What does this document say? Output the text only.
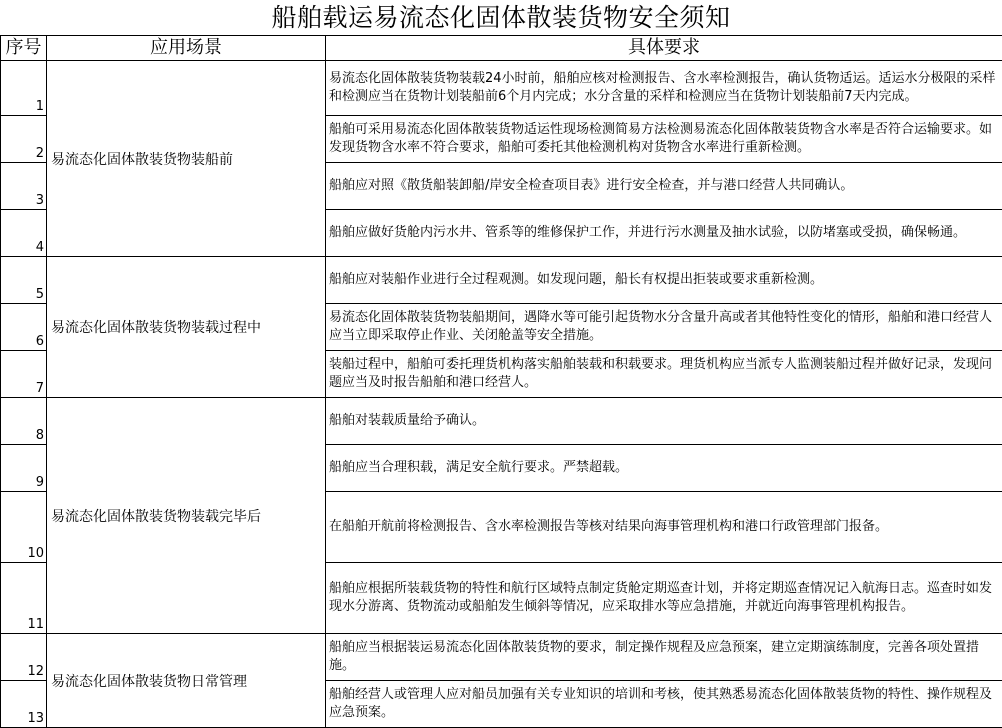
船舶载运易流态化固体散装货物安全须知
序号	应用场景	具体要求
1	易流态化固体散装货物装船前	易流态化固体散装货物装载24小时前，船舶应核对检测报告、含水率检测报告，确认货物适运。适运水分极限的采样和检测应当在货物计划装船前6个月内完成；水分含量的采样和检测应当在货物计划装船前7天内完成。
2		船舶可采用易流态化固体散装货物适运性现场检测简易方法检测易流态化固体散装货物含水率是否符合运输要求。如发现货物含水率不符合要求，船舶可委托其他检测机构对货物含水率进行重新检测。
3		船舶应对照《散货船装卸船/岸安全检查项目表》进行安全检查，并与港口经营人共同确认。
4		船舶应做好货舱内污水井、管系等的维修保护工作，并进行污水测量及抽水试验，以防堵塞或受损，确保畅通。
5	易流态化固体散装货物装载过程中	船舶应对装船作业进行全过程观测。如发现问题，船长有权提出拒装或要求重新检测。
6		易流态化固体散装货物装船期间，遇降水等可能引起货物水分含量升高或者其他特性变化的情形，船舶和港口经营人应当立即采取停止作业、关闭舱盖等安全措施。
7		装船过程中，船舶可委托理货机构落实船舶装载和积载要求。理货机构应当派专人监测装船过程并做好记录，发现问题应当及时报告船舶和港口经营人。
8	易流态化固体散装货物装载完毕后	船舶对装载质量给予确认。
9		船舶应当合理积载，满足安全航行要求。严禁超载。
10		在船舶开航前将检测报告、含水率检测报告等核对结果向海事管理机构和港口行政管理部门报备。
11		船舶应根据所装载货物的特性和航行区域特点制定货舱定期巡查计划，并将定期巡查情况记入航海日志。巡查时如发现水分游离、货物流动或船舶发生倾斜等情况，应采取排水等应急措施，并就近向海事管理机构报告。
12	易流态化固体散装货物日常管理	船舶应当根据装运易流态化固体散装货物的要求，制定操作规程及应急预案，建立定期演练制度，完善各项处置措施。
13		船舶经营人或管理人应对船员加强有关专业知识的培训和考核，使其熟悉易流态化固体散装货物的特性、操作规程及应急预案。
